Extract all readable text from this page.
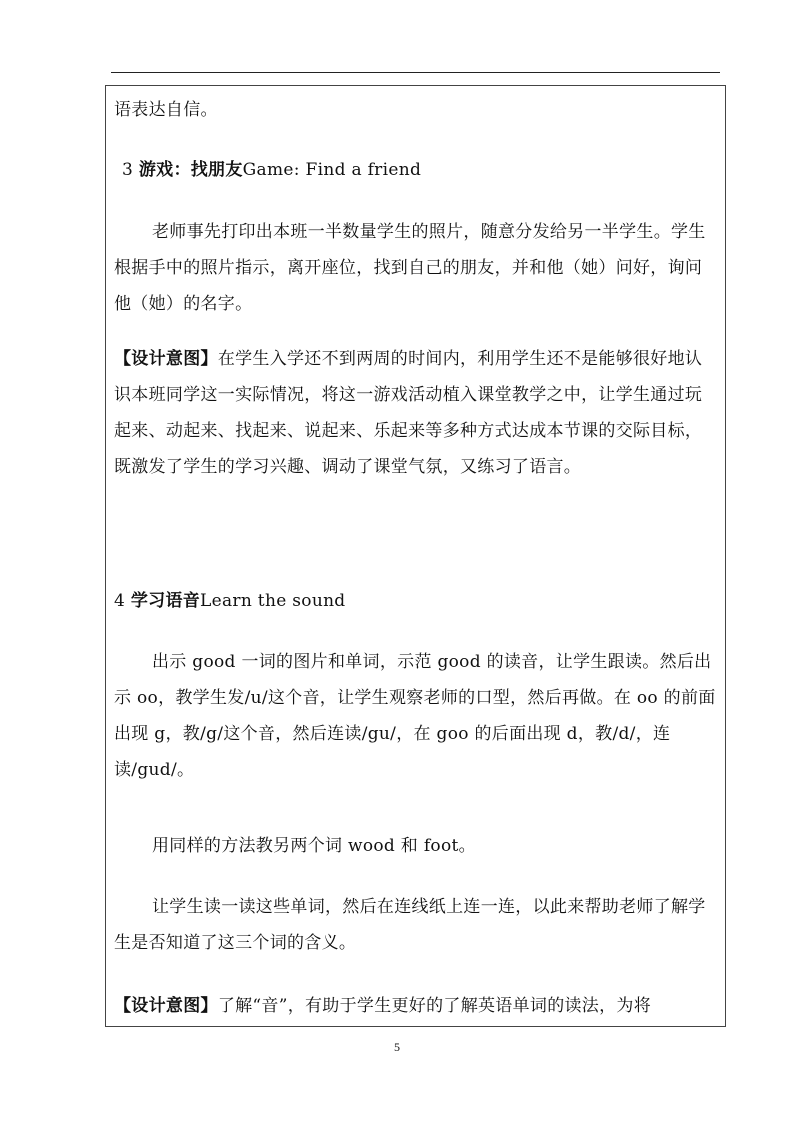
语表达自信。

3 游戏：找朋友Game: Find a friend

老师事先打印出本班一半数量学生的照片，随意分发给另一半学生。学生根据手中的照片指示，离开座位，找到自己的朋友，并和他（她）问好，询问他（她）的名字。

【设计意图】在学生入学还不到两周的时间内，利用学生还不是能够很好地认识本班同学这一实际情况，将这一游戏活动植入课堂教学之中，让学生通过玩起来、动起来、找起来、说起来、乐起来等多种方式达成本节课的交际目标，既激发了学生的学习兴趣、调动了课堂气氛，又练习了语言。

4 学习语音Learn the sound

出示 good 一词的图片和单词，示范 good 的读音，让学生跟读。然后出示 oo，教学生发/u/这个音，让学生观察老师的口型，然后再做。在 oo 的前面出现 g，教/g/这个音，然后连读/gu/，在 goo 的后面出现 d，教/d/，连读/gud/。

用同样的方法教另两个词 wood 和 foot。

让学生读一读这些单词，然后在连线纸上连一连，以此来帮助老师了解学生是否知道了这三个词的含义。

【设计意图】了解“音”，有助于学生更好的了解英语单词的读法，为将

5
